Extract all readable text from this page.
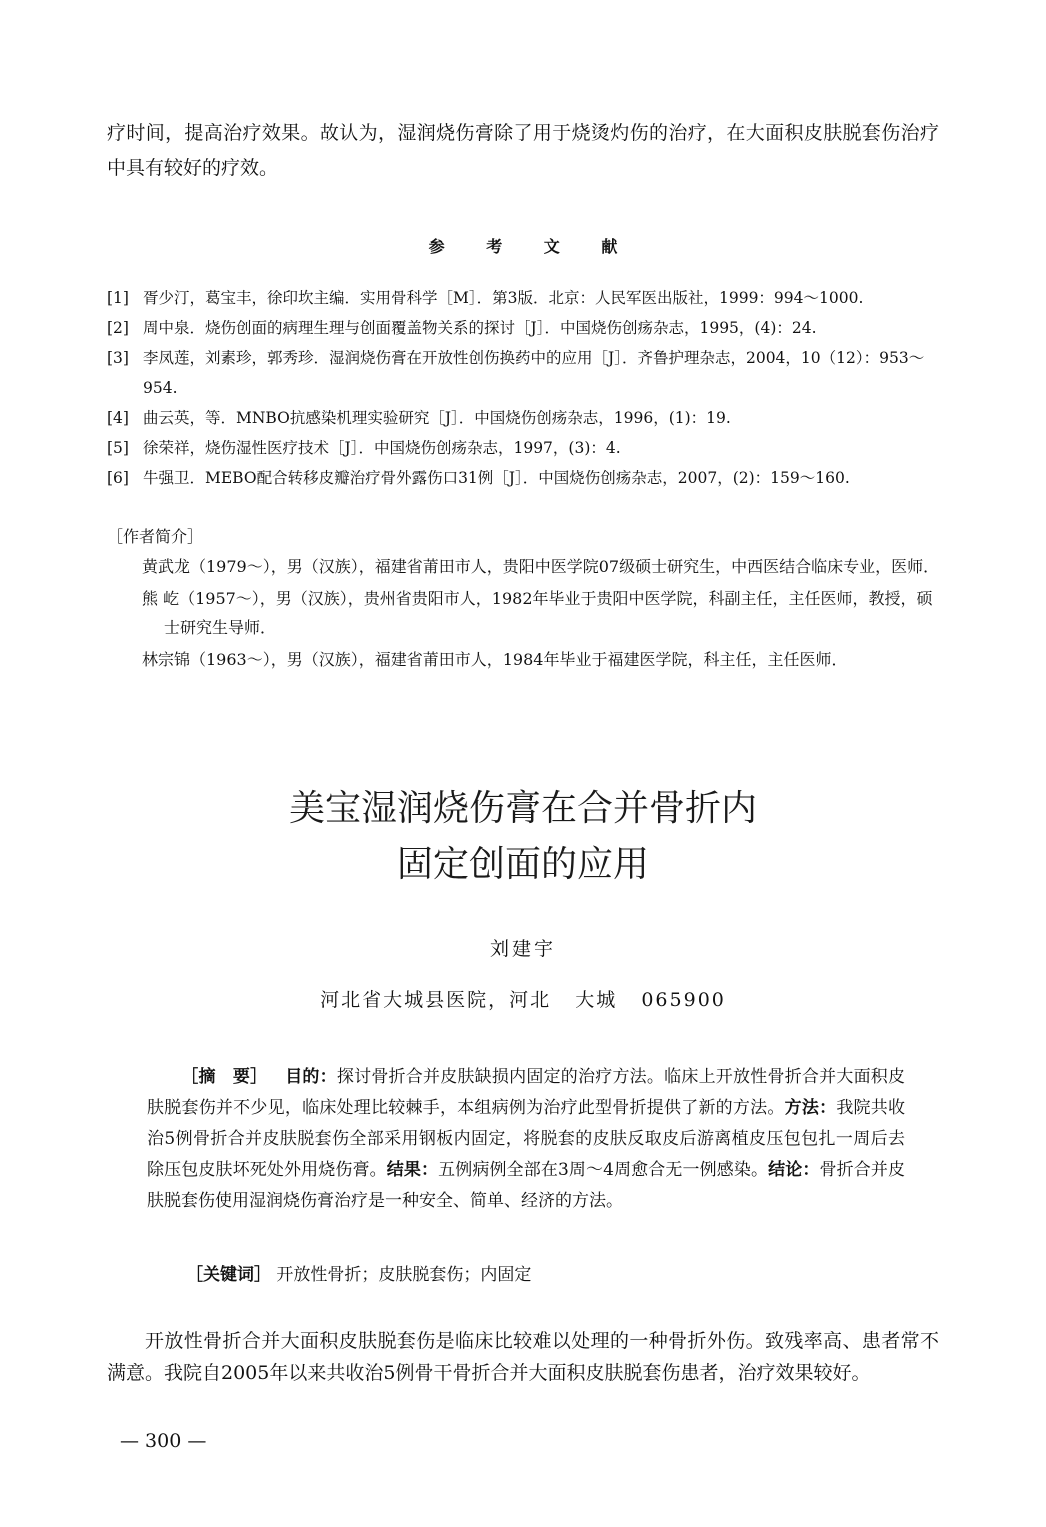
疗时间，提高治疗效果。故认为，湿润烧伤膏除了用于烧烫灼伤的治疗，在大面积皮肤脱套伤治疗中具有较好的疗效。
参 考 文 献
[1] 胥少汀，葛宝丰，徐印坎主编．实用骨科学［M］．第3版．北京：人民军医出版社，1999：994～1000.
[2] 周中泉．烧伤创面的病理生理与创面覆盖物关系的探讨［J］．中国烧伤创疡杂志，1995，(4)：24.
[3] 李凤莲，刘素珍，郭秀珍．湿润烧伤膏在开放性创伤换药中的应用［J］．齐鲁护理杂志，2004，10（12）：953～954.
[4] 曲云英，等．MNBO抗感染机理实验研究［J］．中国烧伤创疡杂志，1996，(1)：19.
[5] 徐荣祥，烧伤湿性医疗技术［J］．中国烧伤创疡杂志，1997，(3)：4.
[6] 牛强卫．MEBO配合转移皮瓣治疗骨外露伤口31例［J］．中国烧伤创疡杂志，2007，(2)：159～160.
［作者简介］
黄武龙（1979～），男（汉族），福建省莆田市人，贵阳中医学院07级硕士研究生，中西医结合临床专业，医师．
熊 屹（1957～），男（汉族），贵州省贵阳市人，1982年毕业于贵阳中医学院，科副主任，主任医师，教授，硕士研究生导师．
林宗锦（1963～），男（汉族），福建省莆田市人，1984年毕业于福建医学院，科主任，主任医师．
美宝湿润烧伤膏在合并骨折内
固定创面的应用
刘建宇
河北省大城县医院，河北   大城   065900
［摘　要］ 目的：探讨骨折合并皮肤缺损内固定的治疗方法。临床上开放性骨折合并大面积皮肤脱套伤并不少见，临床处理比较棘手，本组病例为治疗此型骨折提供了新的方法。方法：我院共收治5例骨折合并皮肤脱套伤全部采用钢板内固定，将脱套的皮肤反取皮后游离植皮压包包扎一周后去除压包皮肤坏死处外用烧伤膏。结果：五例病例全部在3周～4周愈合无一例感染。结论：骨折合并皮肤脱套伤使用湿润烧伤膏治疗是一种安全、简单、经济的方法。
［关键词］ 开放性骨折；皮肤脱套伤；内固定
开放性骨折合并大面积皮肤脱套伤是临床比较难以处理的一种骨折外伤。致残率高、患者常不满意。我院自2005年以来共收治5例骨干骨折合并大面积皮肤脱套伤患者，治疗效果较好。
— 300 —
